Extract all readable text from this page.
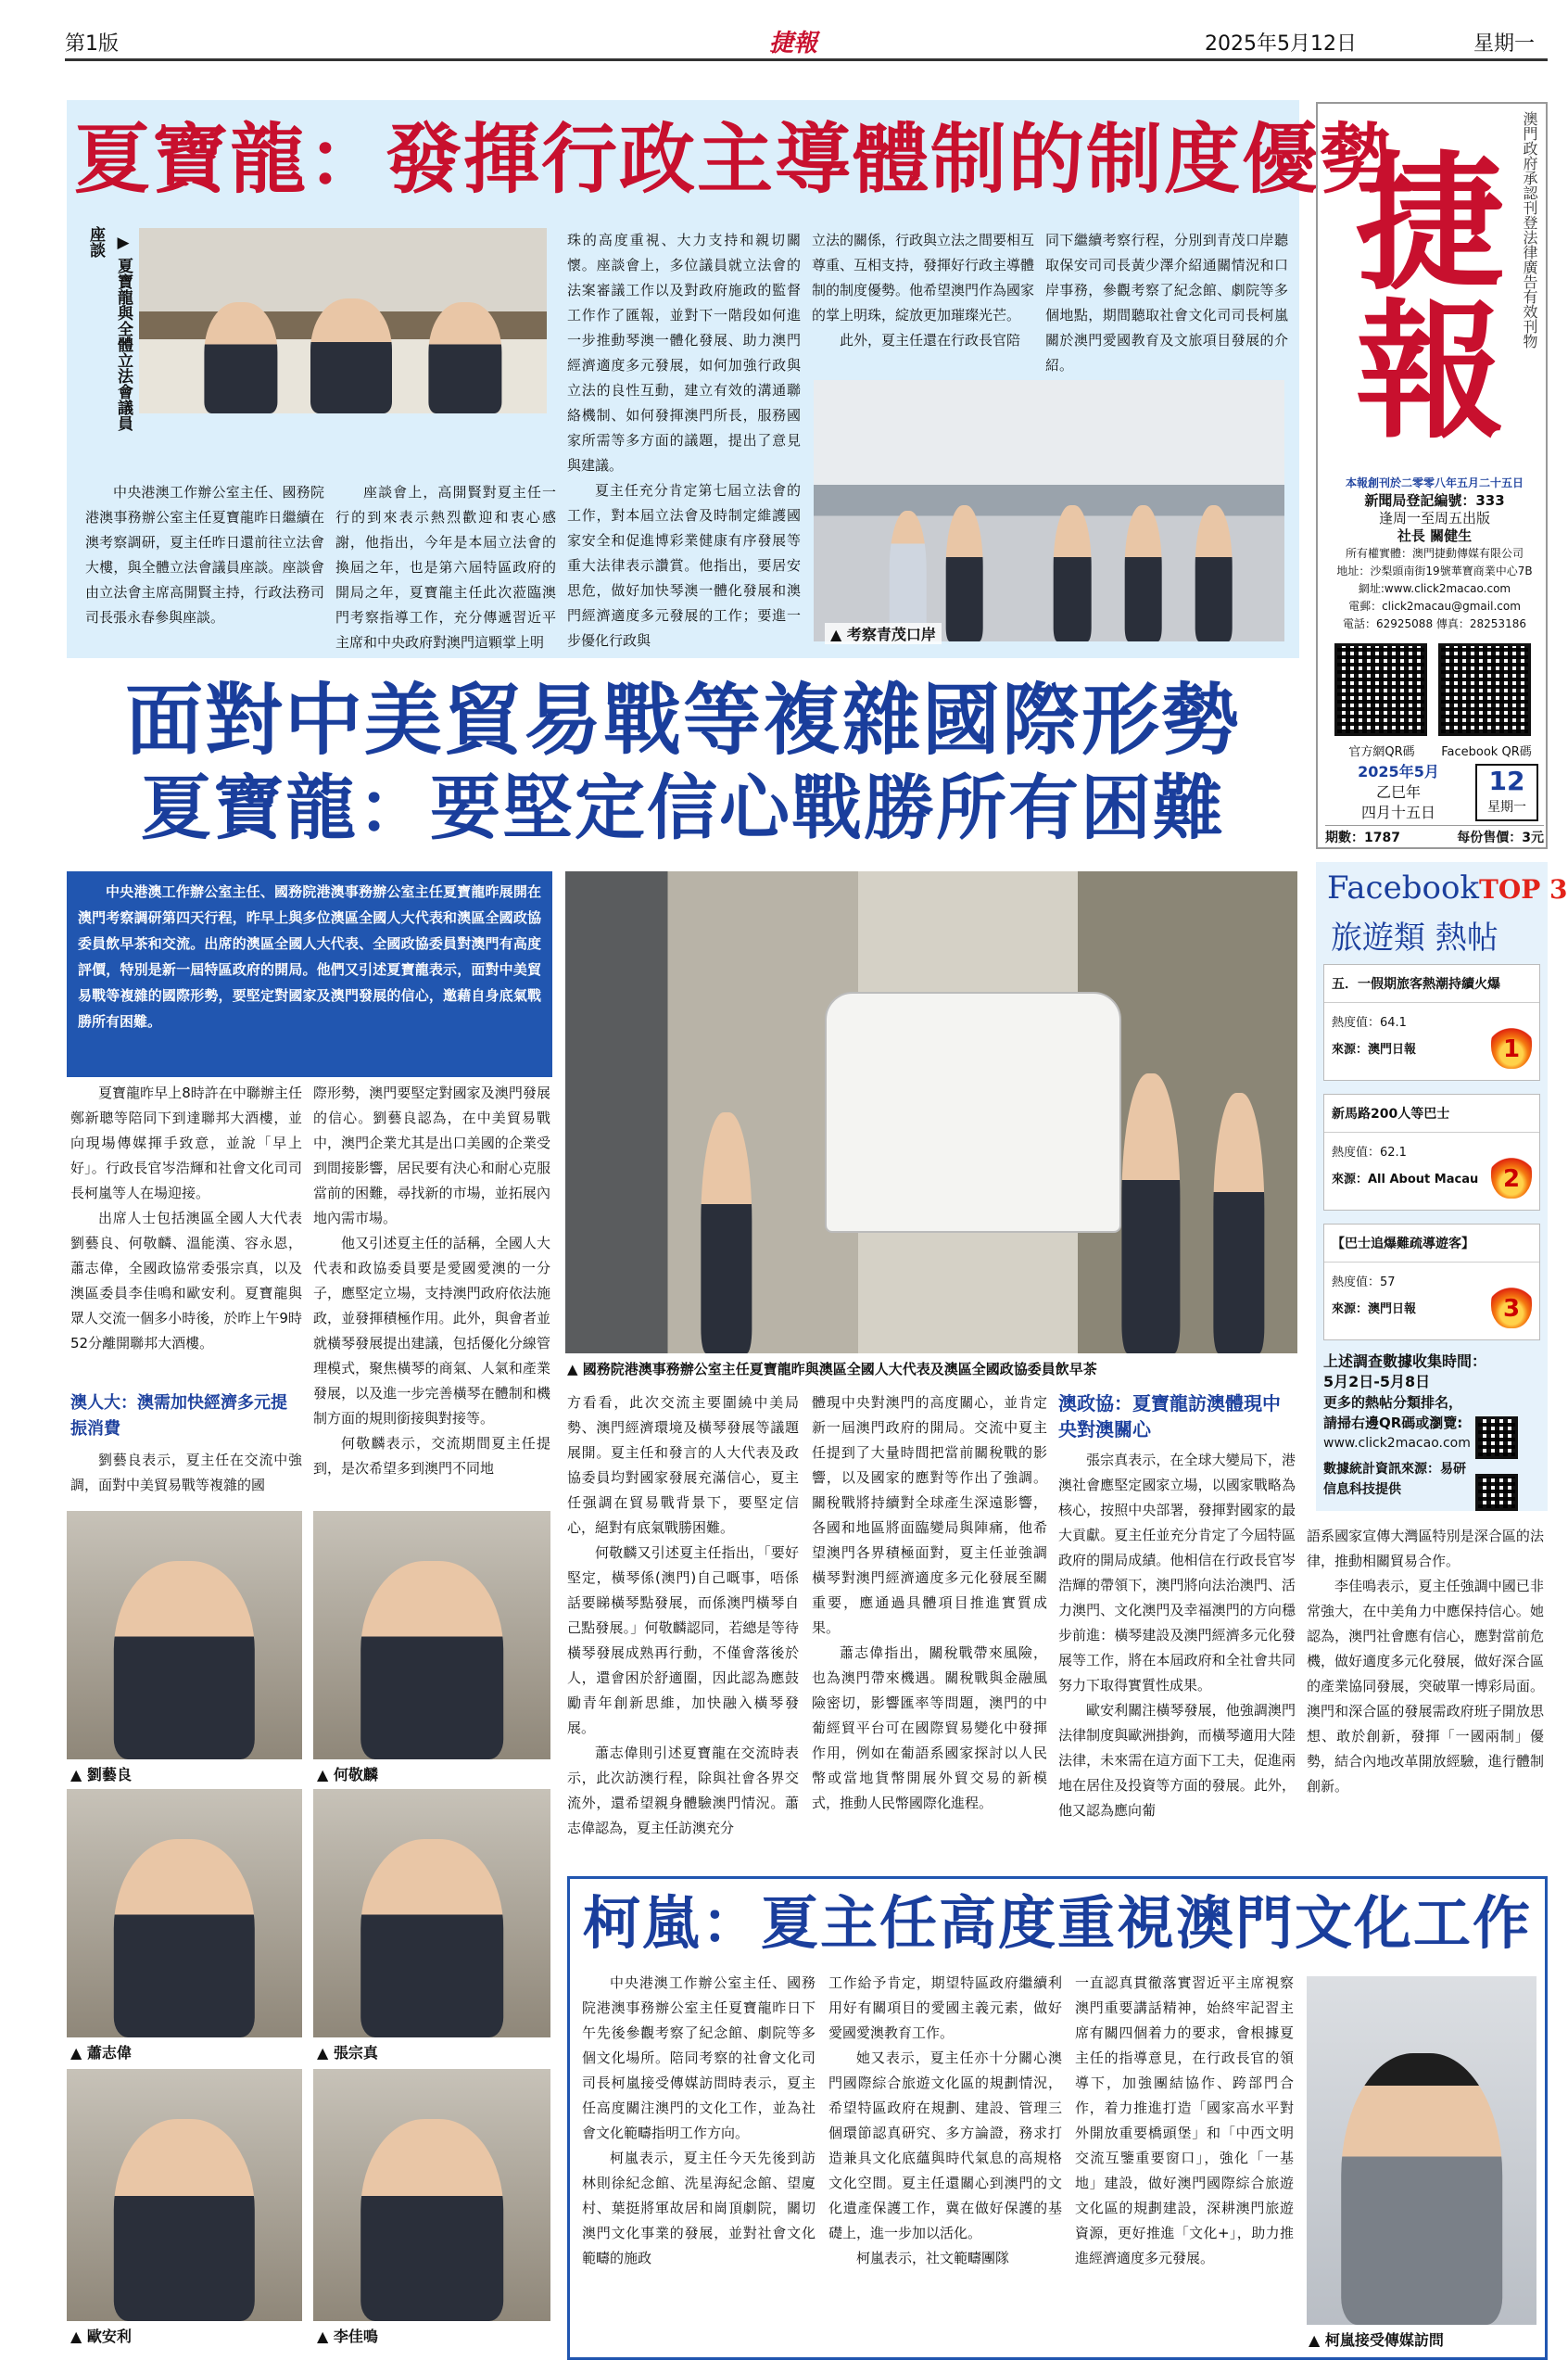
第1版	捷報	2025年5月12日	星期一
夏寶龍：發揮行政主導體制的制度優勢
座談 ▶ 夏寶龍與全體立法會議員

中央港澳工作辦公室主任、國務院港澳事務辦公室主任夏寶龍昨日繼續在澳考察調研，夏主任昨日還前往立法會大樓，與全體立法會議員座談。座談會由立法會主席高開賢主持，行政法務司司長張永春參與座談。

座談會上，高開賢對夏主任一行的到來表示熱烈歡迎和衷心感謝，他指出，今年是本屆立法會的換屆之年，也是第六屆特區政府的開局之年，夏寶龍主任此次蒞臨澳門考察指導工作，充分傳遞習近平主席和中央政府對澳門這顆掌上明

珠的高度重視、大力支持和親切關懷。座談會上，多位議員就立法會的法案審議工作以及對政府施政的監督工作作了匯報，並對下一階段如何進一步推動琴澳一體化發展、助力澳門經濟適度多元發展，如何加強行政與立法的良性互動，建立有效的溝通聯絡機制、如何發揮澳門所長，服務國家所需等多方面的議題，提出了意見與建議。

夏主任充分肯定第七屆立法會的工作，對本屆立法會及時制定維護國家安全和促進博彩業健康有序發展等重大法律表示讚賞。他指出，要居安思危，做好加快琴澳一體化發展和澳門經濟適度多元發展的工作；要進一步優化行政與

立法的關係，行政與立法之間要相互尊重、互相支持，發揮好行政主導體制的制度優勢。他希望澳門作為國家的掌上明珠，綻放更加璀璨光芒。

此外，夏主任還在行政長官陪

同下繼續考察行程，分別到青茂口岸聽取保安司司長黃少澤介紹通關情況和口岸事務，參觀考察了紀念館、劇院等多個地點，期間聽取社會文化司司長柯嵐關於澳門愛國教育及文旅項目發展的介紹。

▲ 考察青茂口岸
捷報	澳門政府承認刊登法律廣告有效刊物
本報創刊於二零零八年五月二十五日
新聞局登記編號：333
逢周一至周五出版
社長 關健生
所有權實體：澳門捷動傳媒有限公司
地址：沙梨頭南街19號華寶商業中心7B
網址:www.click2macao.com
電郵：click2macau@gmail.com
電話：62925088 傳真：28253186
官方網QR碼	Facebook QR碼
2025年5月
乙巳年
四月十五日
12
星期一
期數：1787	每份售價：3元
面對中美貿易戰等複雜國際形勢
夏寶龍：要堅定信心戰勝所有困難
FacebookTOP 3
旅遊類 熱帖
五．一假期旅客熱潮持續火爆
熱度值：64.1
來源：澳門日報	1
新馬路200人等巴士
熱度值：62.1
來源：All About Macau	2
【巴士追爆難疏導遊客】
熱度值：57
來源：澳門日報	3
上述調查數據收集時間：
5月2日-5月8日
更多的熱帖分類排名，請掃右邊QR碼或瀏覽:
www.click2macao.com
數據統計資訊來源：易研信息科技提供
中央港澳工作辦公室主任、國務院港澳事務辦公室主任夏寶龍昨展開在澳門考察調研第四天行程，昨早上與多位澳區全國人大代表和澳區全國政協委員飲早茶和交流。出席的澳區全國人大代表、全國政協委員對澳門有高度評價，特別是新一屆特區政府的開局。他們又引述夏寶龍表示，面對中美貿易戰等複雜的國際形勢，要堅定對國家及澳門發展的信心，邀藉自身底氣戰勝所有困難。
▲ 國務院港澳事務辦公室主任夏寶龍昨與澳區全國人大代表及澳區全國政協委員飲早茶

夏寶龍昨早上8時許在中聯辦主任鄭新聰等陪同下到達聯邦大酒樓，並向現場傳媒揮手致意，並說「早上好」。行政長官岑浩輝和社會文化司司長柯嵐等人在場迎接。

出席人士包括澳區全國人大代表劉藝良、何敬麟、溫能漢、容永恩，蕭志偉，全國政協常委張宗真，以及澳區委員李佳鳴和歐安利。夏寶龍與眾人交流一個多小時後，於昨上午9時52分離開聯邦大酒樓。

澳人大：澳需加快經濟多元提振消費

劉藝良表示，夏主任在交流中強調，面對中美貿易戰等複雜的國

際形勢，澳門要堅定對國家及澳門發展的信心。劉藝良認為，在中美貿易戰中，澳門企業尤其是出口美國的企業受到間接影響，居民要有決心和耐心克服當前的困難，尋找新的市場，並拓展內地內需市場。

他又引述夏主任的話稱，全國人大代表和政協委員要是愛國愛澳的一分子，應堅定立場，支持澳門政府依法施政，並發揮積極作用。此外，與會者並就橫琴發展提出建議，包括優化分線管理模式，聚焦橫琴的商氣、人氣和產業發展，以及進一步完善橫琴在體制和機制方面的規則銜接與對接等。

何敬麟表示，交流期間夏主任提到，是次希望多到澳門不同地

方看看，此次交流主要圍繞中美局勢、澳門經濟環境及橫琴發展等議題展開。夏主任和發言的人大代表及政協委員均對國家發展充滿信心，夏主任强調在貿易戰背景下，要堅定信心，絕對有底氣戰勝困難。

何敬麟又引述夏主任指出，「要好堅定，橫琴係(澳門)自己嘅事，唔係話要睇橫琴點發展，而係澳門橫琴自己點發展。」何敬麟認同，若總是等待橫琴發展成熟再行動，不僅會落後於人，還會困於舒適圈，因此認為應鼓勵青年創新思維，加快融入橫琴發展。

蕭志偉則引述夏寶龍在交流時表示，此次訪澳行程，除與社會各界交流外，還希望親身體驗澳門情況。蕭志偉認為，夏主任訪澳充分

體現中央對澳門的高度關心，並肯定新一屆澳門政府的開局。交流中夏主任提到了大量時間把當前關稅戰的影響，以及國家的應對等作出了強調。關稅戰將持續對全球產生深遠影響，各國和地區將面臨變局與陣痛，他希望澳門各界積極面對，夏主任並強調橫琴對澳門經濟適度多元化發展至關重要，應通過具體項目推進實質成果。

蕭志偉指出，關稅戰帶來風險，也為澳門帶來機遇。關稅戰與金融風險密切，影響匯率等問題，澳門的中葡經貿平台可在國際貿易變化中發揮作用，例如在葡語系國家探討以人民幣或當地貨幣開展外貿交易的新模式，推動人民幣國際化進程。

澳政協：夏寶龍訪澳體現中央對澳關心

張宗真表示，在全球大變局下，港澳社會應堅定國家立場，以國家戰略為核心，按照中央部署，發揮對國家的最大貢獻。夏主任並充分肯定了今屆特區政府的開局成績。他相信在行政長官岑浩輝的帶領下，澳門將向法治澳門、活力澳門、文化澳門及幸福澳門的方向穩步前進：橫琴建設及澳門經濟多元化發展等工作，將在本屆政府和全社會共同努力下取得實質性成果。

歐安利關注橫琴發展，他強調澳門法律制度與歐洲掛鉤，而橫琴適用大陸法律，未來需在這方面下工夫，促進兩地在居住及投資等方面的發展。此外，他又認為應向葡

語系國家宣傳大灣區特別是深合區的法律，推動相關貿易合作。

李佳鳴表示，夏主任強調中國已非常強大，在中美角力中應保持信心。她認為，澳門社會應有信心，應對當前危機，做好適度多元化發展，做好深合區的產業協同發展，突破單一博彩局面。澳門和深合區的發展需政府班子開放思想、敢於創新，發揮「一國兩制」優勢，結合內地改革開放經驗，進行體制創新。

▲ 劉藝良	▲ 何敬麟
▲ 蕭志偉	▲ 張宗真
▲ 歐安利	▲ 李佳鳴
柯嵐：夏主任高度重視澳門文化工作

中央港澳工作辦公室主任、國務院港澳事務辦公室主任夏寶龍昨日下午先後參觀考察了紀念館、劇院等多個文化場所。陪同考察的社會文化司司長柯嵐接受傳媒訪問時表示，夏主任高度關注澳門的文化工作，並為社會文化範疇指明工作方向。

柯嵐表示，夏主任今天先後到訪林則徐紀念館、洗星海紀念館、望廈村、葉挺將軍故居和崗頂劇院，關切澳門文化事業的發展，並對社會文化範疇的施政

工作給予肯定，期望特區政府繼續利用好有關項目的愛國主義元素，做好愛國愛澳教育工作。

她又表示，夏主任亦十分關心澳門國際綜合旅遊文化區的規劃情況，希望特區政府在規劃、建設、管理三個環節認真研究、多方論證，務求打造兼具文化底蘊與時代氣息的高規格文化空間。夏主任還關心到澳門的文化遺產保護工作，冀在做好保護的基礎上，進一步加以活化。

柯嵐表示，社文範疇團隊

一直認真貫徹落實習近平主席視察澳門重要講話精神，始終牢記習主席有關四個着力的要求，會根據夏主任的指導意見，在行政長官的領導下，加強團結協作、跨部門合作，着力推進打造「國家高水平對外開放重要橋頭堡」和「中西文明交流互鑒重要窗口」，強化「一基地」建設，做好澳門國際綜合旅遊文化區的規劃建設，深耕澳門旅遊資源，更好推進「文化+」，助力推進經濟適度多元發展。

▲ 柯嵐接受傳媒訪問
